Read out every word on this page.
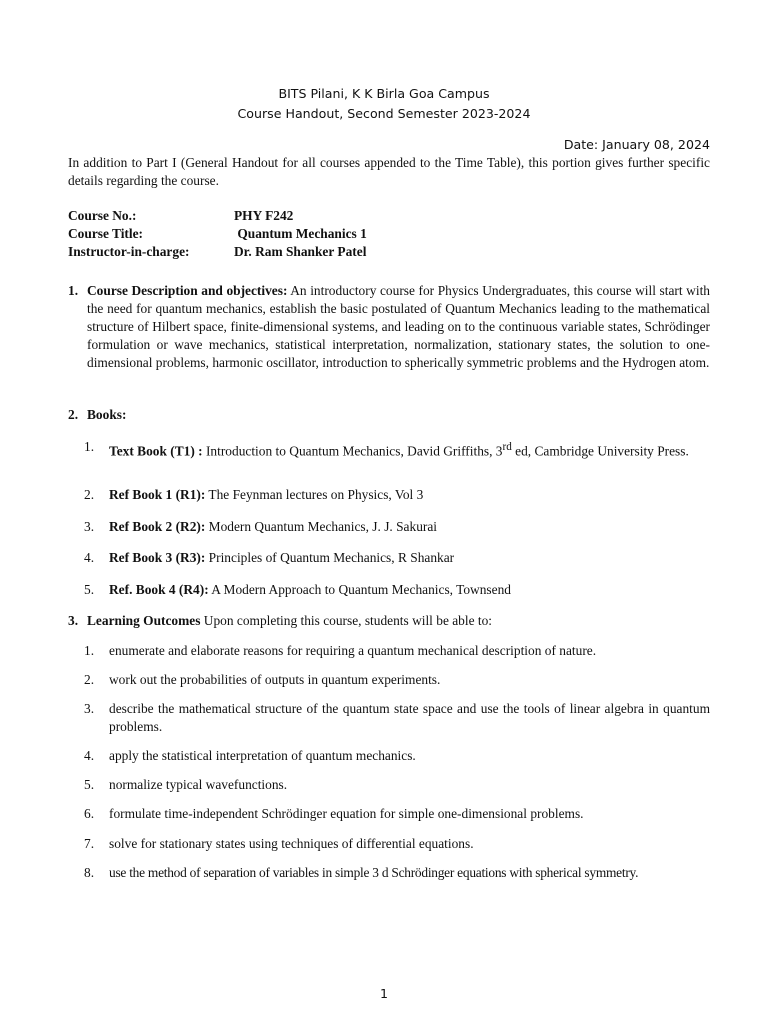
BITS Pilani, K K Birla Goa Campus
Course Handout, Second Semester 2023-2024
Date: January 08, 2024
In addition to Part I (General Handout for all courses appended to the Time Table), this portion gives further specific details regarding the course.
Course No.:	PHY F242
Course Title:	Quantum Mechanics 1
Instructor-in-charge:	Dr. Ram Shanker Patel
1. Course Description and objectives: An introductory course for Physics Undergraduates, this course will start with the need for quantum mechanics, establish the basic postulated of Quantum Mechanics leading to the mathematical structure of Hilbert space, finite-dimensional systems, and leading on to the continuous variable states, Schrödinger formulation or wave mechanics, statistical interpretation, normalization, stationary states, the solution to one-dimensional problems, harmonic oscillator, introduction to spherically symmetric problems and the Hydrogen atom.
2. Books:
1. Text Book (T1) : Introduction to Quantum Mechanics, David Griffiths, 3rd ed, Cambridge University Press.
2. Ref Book 1 (R1): The Feynman lectures on Physics, Vol 3
3. Ref Book 2 (R2): Modern Quantum Mechanics, J. J. Sakurai
4. Ref Book 3 (R3): Principles of Quantum Mechanics, R Shankar
5. Ref. Book 4 (R4): A Modern Approach to Quantum Mechanics, Townsend
3. Learning Outcomes Upon completing this course, students will be able to:
1. enumerate and elaborate reasons for requiring a quantum mechanical description of nature.
2. work out the probabilities of outputs in quantum experiments.
3. describe the mathematical structure of the quantum state space and use the tools of linear algebra in quantum problems.
4. apply the statistical interpretation of quantum mechanics.
5. normalize typical wavefunctions.
6. formulate time-independent Schrödinger equation for simple one-dimensional problems.
7. solve for stationary states using techniques of differential equations.
8. use the method of separation of variables in simple 3 d Schrödinger equations with spherical symmetry.
1
